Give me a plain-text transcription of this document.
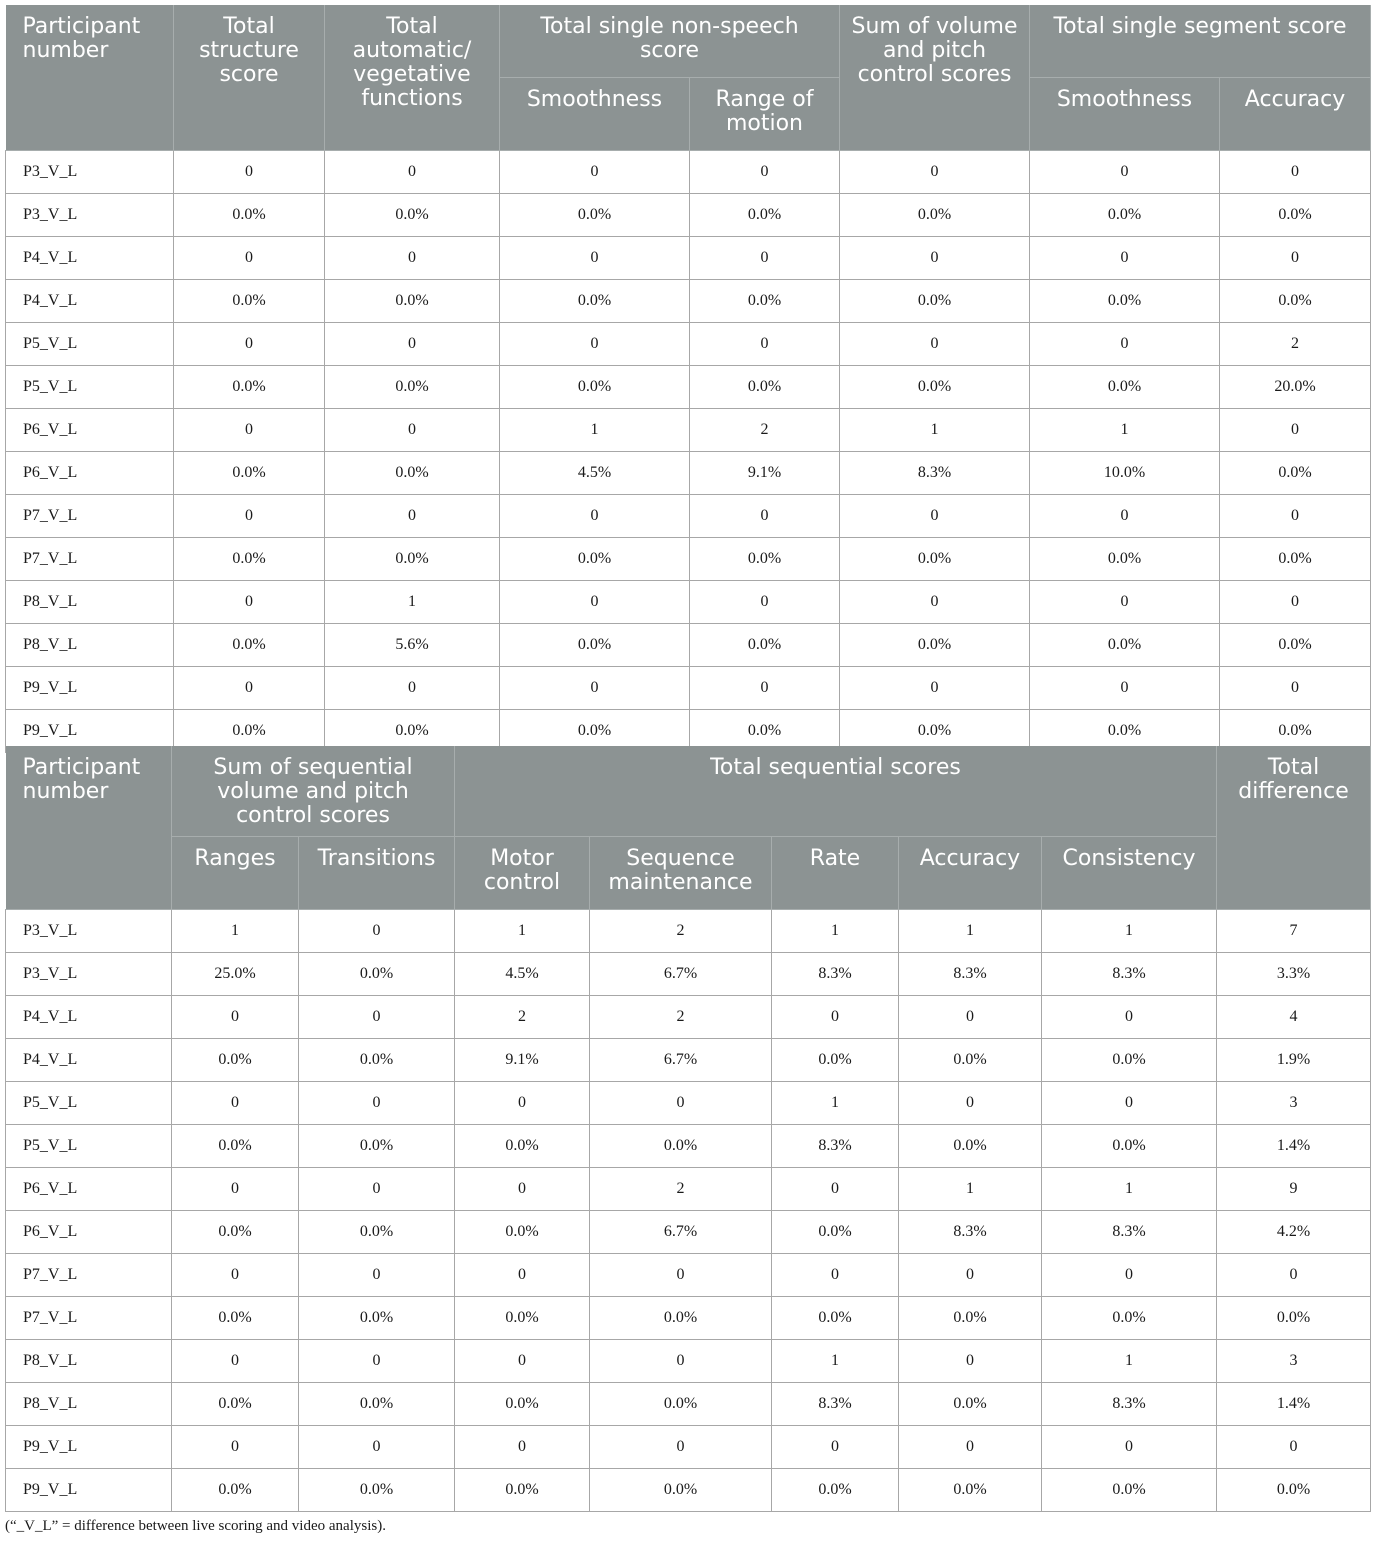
Participant number	Total structure score	Total automatic/ vegetative functions	Total single non-speech score		Sum of volume and pitch control scores	Total single segment score	
			Smoothness	Range of motion		Smoothness	Accuracy
P3_V_L	0	0	0	0	0	0	0
P3_V_L	0.0%	0.0%	0.0%	0.0%	0.0%	0.0%	0.0%
P4_V_L	0	0	0	0	0	0	0
P4_V_L	0.0%	0.0%	0.0%	0.0%	0.0%	0.0%	0.0%
P5_V_L	0	0	0	0	0	0	2
P5_V_L	0.0%	0.0%	0.0%	0.0%	0.0%	0.0%	20.0%
P6_V_L	0	0	1	2	1	1	0
P6_V_L	0.0%	0.0%	4.5%	9.1%	8.3%	10.0%	0.0%
P7_V_L	0	0	0	0	0	0	0
P7_V_L	0.0%	0.0%	0.0%	0.0%	0.0%	0.0%	0.0%
P8_V_L	0	1	0	0	0	0	0
P8_V_L	0.0%	5.6%	0.0%	0.0%	0.0%	0.0%	0.0%
P9_V_L	0	0	0	0	0	0	0
P9_V_L	0.0%	0.0%	0.0%	0.0%	0.0%	0.0%	0.0%
Participant number	Sum of sequential volume and pitch control scores		Total sequential scores					Total difference
	Ranges	Transitions	Motor control	Sequence maintenance	Rate	Accuracy	Consistency	
P3_V_L	1	0	1	2	1	1	1	7
P3_V_L	25.0%	0.0%	4.5%	6.7%	8.3%	8.3%	8.3%	3.3%
P4_V_L	0	0	2	2	0	0	0	4
P4_V_L	0.0%	0.0%	9.1%	6.7%	0.0%	0.0%	0.0%	1.9%
P5_V_L	0	0	0	0	1	0	0	3
P5_V_L	0.0%	0.0%	0.0%	0.0%	8.3%	0.0%	0.0%	1.4%
P6_V_L	0	0	0	2	0	1	1	9
P6_V_L	0.0%	0.0%	0.0%	6.7%	0.0%	8.3%	8.3%	4.2%
P7_V_L	0	0	0	0	0	0	0	0
P7_V_L	0.0%	0.0%	0.0%	0.0%	0.0%	0.0%	0.0%	0.0%
P8_V_L	0	0	0	0	1	0	1	3
P8_V_L	0.0%	0.0%	0.0%	0.0%	8.3%	0.0%	8.3%	1.4%
P9_V_L	0	0	0	0	0	0	0	0
P9_V_L	0.0%	0.0%	0.0%	0.0%	0.0%	0.0%	0.0%	0.0%

(“_V_L” = difference between live scoring and video analysis).
